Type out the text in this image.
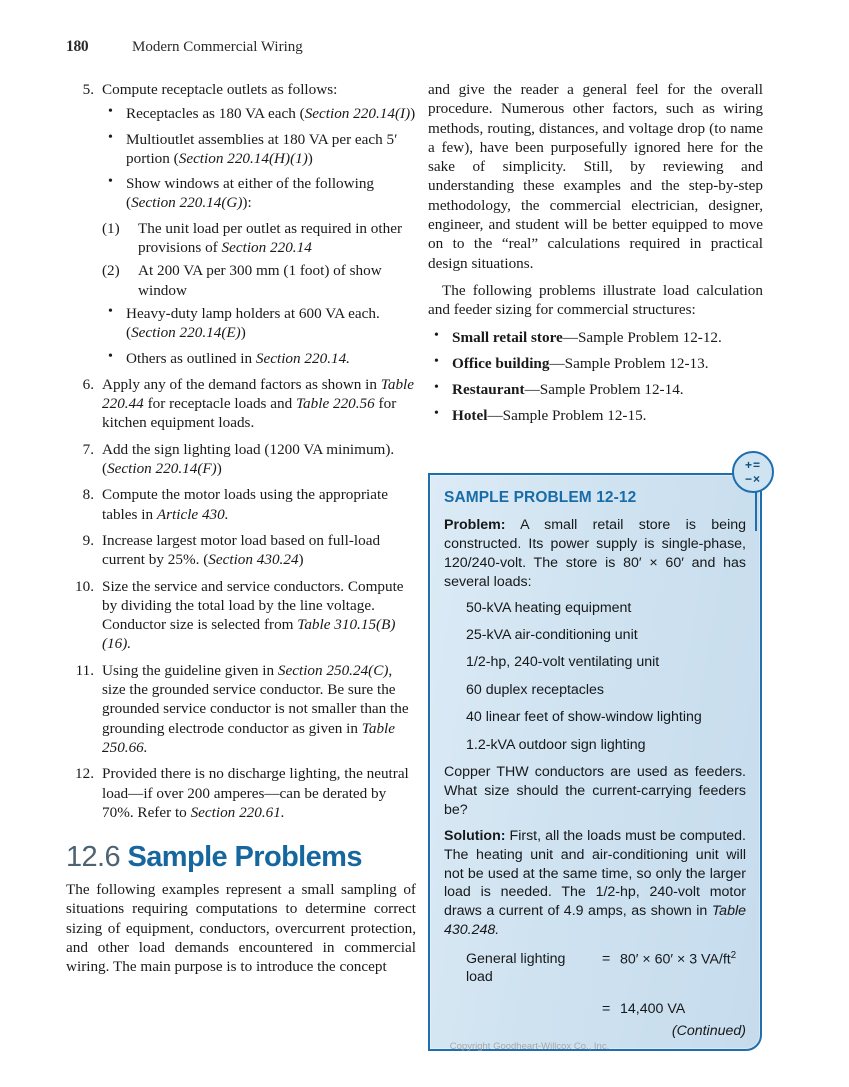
180	Modern Commercial Wiring
5. Compute receptacle outlets as follows:
• Receptacles as 180 VA each (Section 220.14(I))
• Multioutlet assemblies at 180 VA per each 5′ portion (Section 220.14(H)(1))
• Show windows at either of the following (Section 220.14(G)):
(1)	The unit load per outlet as required in other provisions of Section 220.14
(2)	At 200 VA per 300 mm (1 foot) of show window
• Heavy-duty lamp holders at 600 VA each. (Section 220.14(E))
• Others as outlined in Section 220.14.
6. Apply any of the demand factors as shown in Table 220.44 for receptacle loads and Table 220.56 for kitchen equipment loads.
7. Add the sign lighting load (1200 VA minimum). (Section 220.14(F))
8. Compute the motor loads using the appropriate tables in Article 430.
9. Increase largest motor load based on full-load current by 25%. (Section 430.24)
10. Size the service and service conductors. Compute by dividing the total load by the line voltage. Conductor size is selected from Table 310.15(B)(16).
11. Using the guideline given in Section 250.24(C), size the grounded service conductor. Be sure the grounded service conductor is not smaller than the grounding electrode conductor as given in Table 250.66.
12. Provided there is no discharge lighting, the neutral load—if over 200 amperes—can be derated by 70%. Refer to Section 220.61.
12.6 Sample Problems

The following examples represent a small sampling of situations requiring computations to determine correct sizing of equipment, conductors, overcurrent protection, and other load demands encountered in commercial wiring. The main purpose is to introduce the concept

and give the reader a general feel for the overall procedure. Numerous other factors, such as wiring methods, routing, distances, and voltage drop (to name a few), have been purposefully ignored here for the sake of simplicity. Still, by reviewing and understanding these examples and the step-by-step methodology, the commercial electrician, designer, engineer, and student will be better equipped to move on to the “real” calculations required in practical design situations.

The following problems illustrate load calculation and feeder sizing for commercial structures:

• Small retail store—Sample Problem 12-12.
• Office building—Sample Problem 12-13.
• Restaurant—Sample Problem 12-14.
• Hotel—Sample Problem 12-15.
+=
−×
SAMPLE PROBLEM 12-12

Problem: A small retail store is being constructed. Its power supply is single-phase, 120/240-volt. The store is 80′ × 60′ and has several loads:

50-kVA heating equipment
25-kVA air-conditioning unit
1/2-hp, 240-volt ventilating unit
60 duplex receptacles
40 linear feet of show-window lighting
1.2-kVA outdoor sign lighting

Copper THW conductors are used as feeders. What size should the current-carrying feeders be?

Solution: First, all the loads must be computed. The heating unit and air-conditioning unit will not be used at the same time, so only the larger load is needed. The 1/2-hp, 240-volt motor draws a current of 4.9 amps, as shown in Table 430.248.

General lighting load	=	80′ × 60′ × 3 $VA/ft^2$
	=	14,400 VA
(Continued)
Copyright Goodheart-Willcox Co., Inc.
